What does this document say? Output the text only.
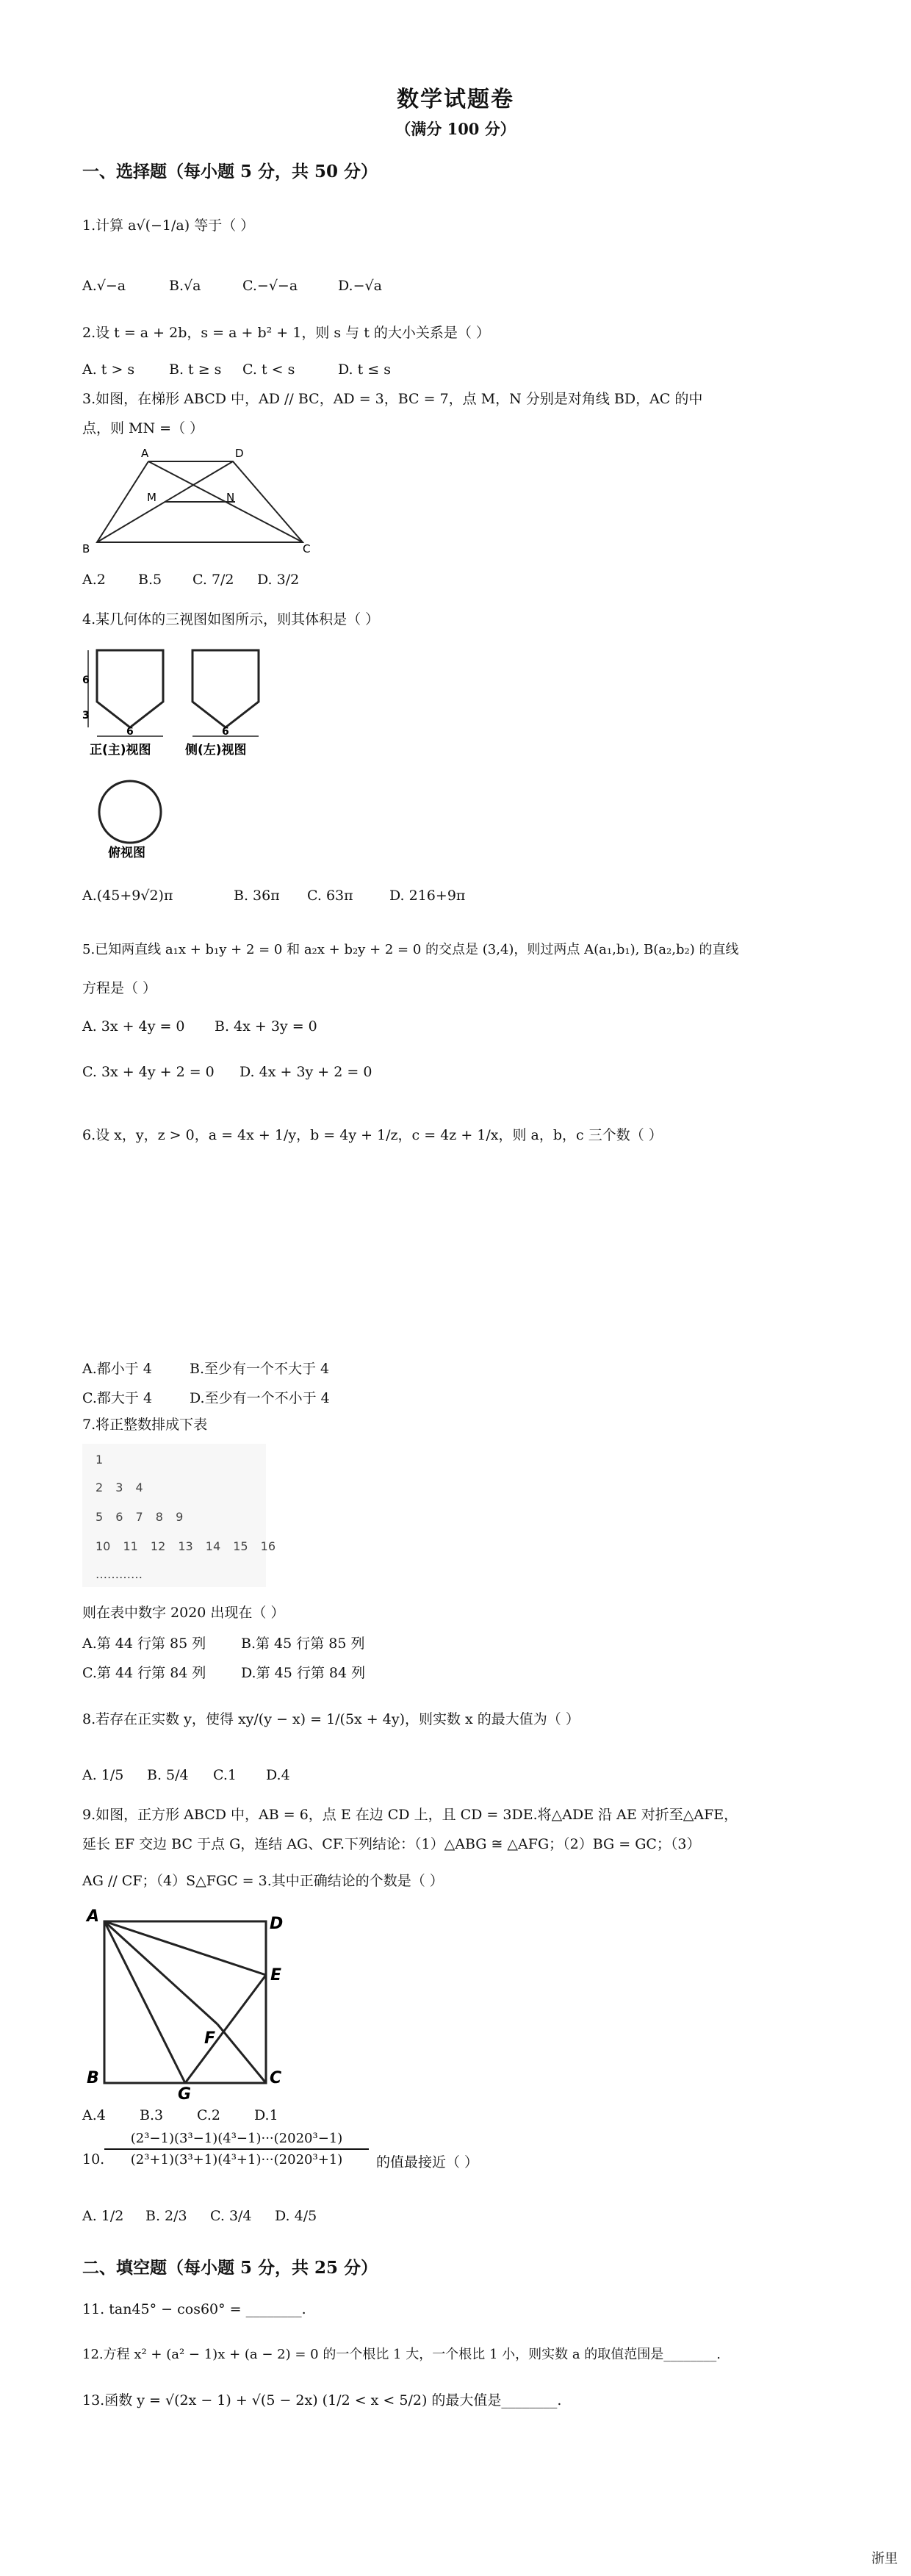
数学试题卷
（满分 100 分）
一、选择题（每小题 5 分，共 50 分）
1.计算 a√(−1/a) 等于（ ）
A.√−a	B.√a	C.−√−a	D.−√a
2.设 t = a + 2b，s = a + b² + 1，则 s 与 t 的大小关系是（ ）
A. t > s B. t ≥ s C. t < s	D. t ≤ s
3.如图，在梯形 ABCD 中，AD // BC，AD = 3，BC = 7，点 M，N 分别是对角线 BD，AC 的中
点，则 MN =（ ）
A	D
M	N
B	C
A.2 B.5 C. 7/2 D. 3/2
4.某几何体的三视图如图所示，则其体积是（ ）
6
3
6	6
正(主)视图	侧(左)视图
俯视图
A.(45+9√2)π	B. 36π C. 63π	D. 216+9π
5.已知两直线 a₁x + b₁y + 2 = 0 和 a₂x + b₂y + 2 = 0 的交点是 (3,4)，则过两点 A(a₁,b₁), B(a₂,b₂) 的直线
方程是（ ）
A. 3x + 4y = 0 B. 4x + 3y = 0
C. 3x + 4y + 2 = 0 D. 4x + 3y + 2 = 0
6.设 x，y，z > 0，a = 4x + 1/y，b = 4y + 1/z，c = 4z + 1/x，则 a，b，c 三个数（ ）
A.都小于 4	B.至少有一个不大于 4
C.都大于 4	D.至少有一个不小于 4
7.将正整数排成下表
1
2 3 4
5 6 7 8 9
10 11 12 13 14 15 16
…………
则在表中数字 2020 出现在（ ）
A.第 44 行第 85 列	B.第 45 行第 85 列
C.第 44 行第 84 列	D.第 45 行第 84 列
8.若存在正实数 y，使得 xy/(y − x) = 1/(5x + 4y)，则实数 x 的最大值为（ ）
A. 1/5 B. 5/4 C.1 D.4
9.如图，正方形 ABCD 中，AB = 6，点 E 在边 CD 上，且 CD = 3DE.将△ADE 沿 AE 对折至△AFE，
延长 EF 交边 BC 于点 G，连结 AG、CF.下列结论：（1）△ABG ≅ △AFG；（2）BG = GC；（3）
AG // CF；（4）S△FGC = 3.其中正确结论的个数是（ ）
A	D
E
F
B
G
C
A.4 B.3 C.2 D.1
10.
(2³−1)(3³−1)(4³−1)···(2020³−1)
(2³+1)(3³+1)(4³+1)···(2020³+1)	的值最接近（ ）
A. 1/2 B. 2/3 C. 3/4 D. 4/5
二、填空题（每小题 5 分，共 25 分）
11. tan45° − cos60° = ________.
12.方程 x² + (a² − 1)x + (a − 2) = 0 的一个根比 1 大，一个根比 1 小，则实数 a 的取值范围是________.
13.函数 y = √(2x − 1) + √(5 − 2x) (1/2 < x < 5/2) 的最大值是________.
浙里
